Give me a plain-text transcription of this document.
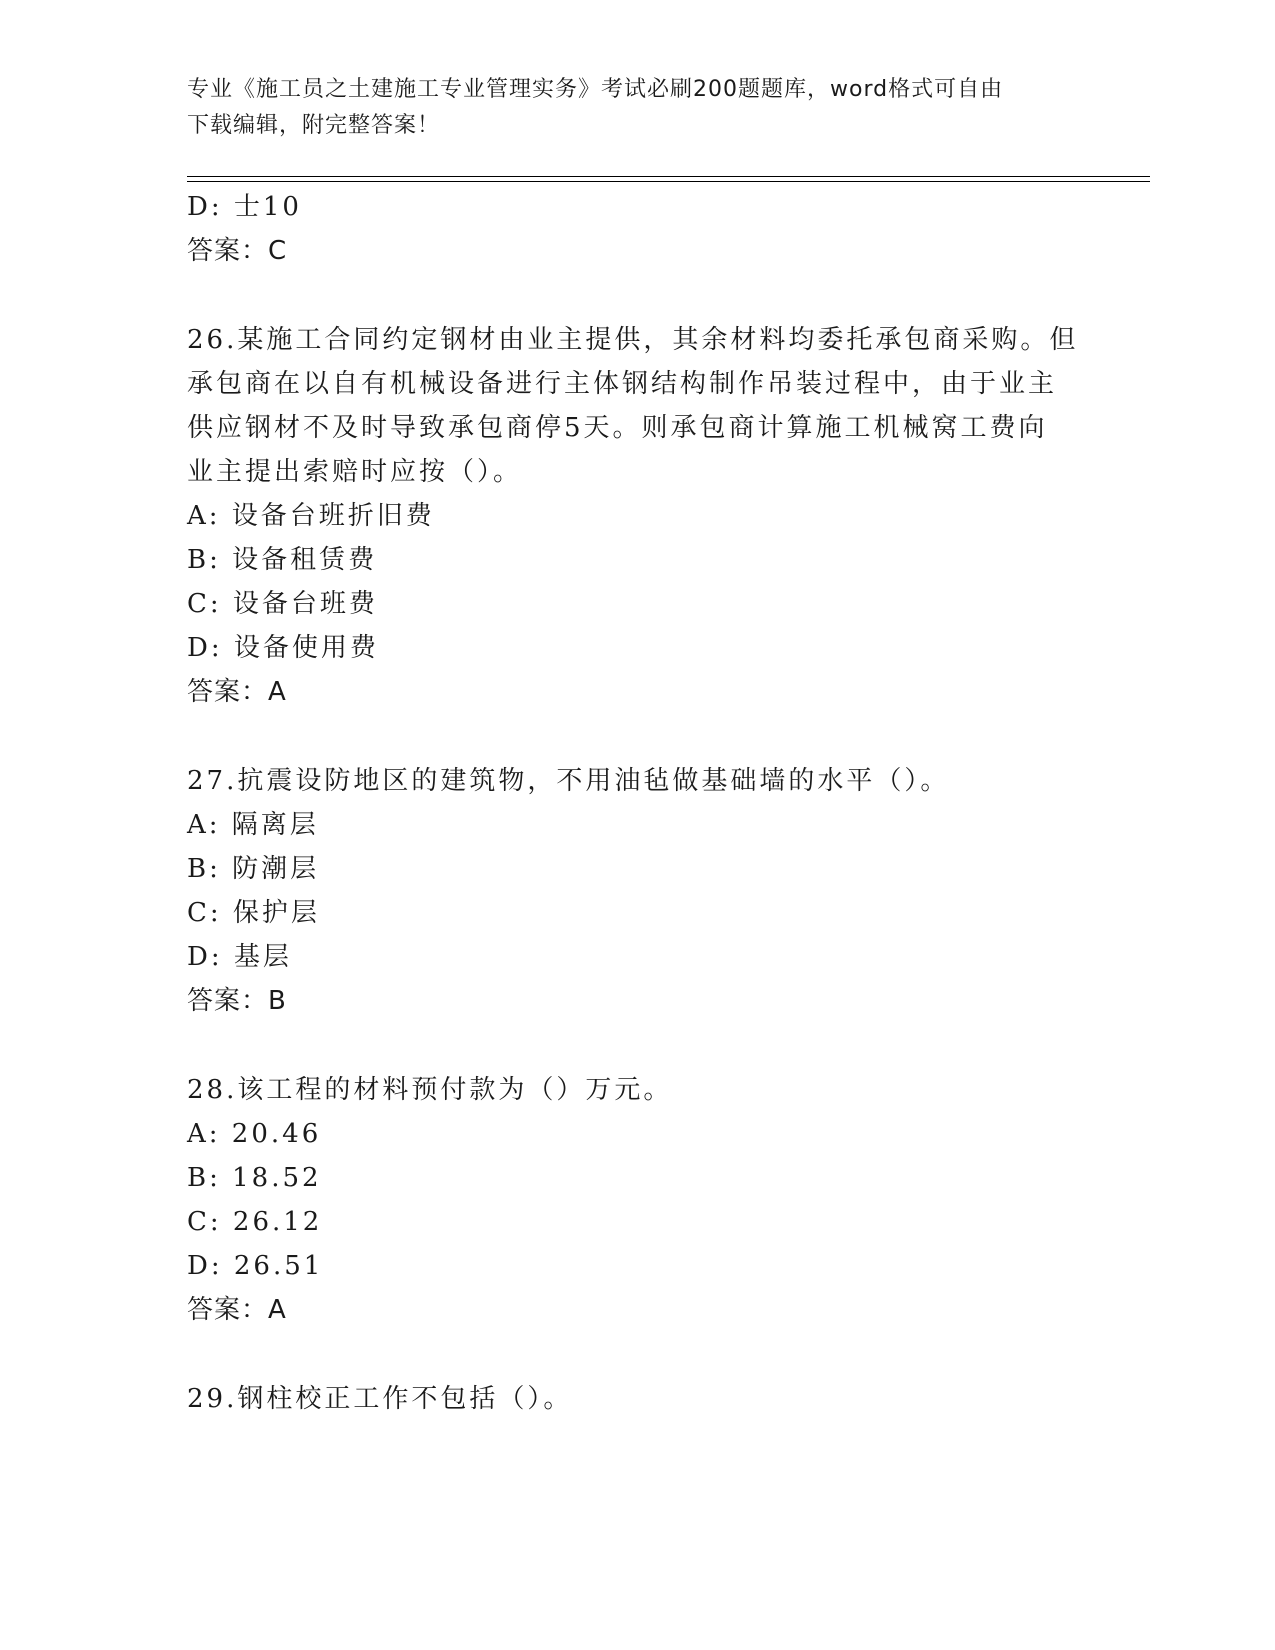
专业《施工员之土建施工专业管理实务》考试必刷200题题库，word格式可自由
下载编辑，附完整答案！
D: 士10
答案：C
26.某施工合同约定钢材由业主提供，其余材料均委托承包商采购。但
承包商在以自有机械设备进行主体钢结构制作吊装过程中，由于业主
供应钢材不及时导致承包商停5天。则承包商计算施工机械窝工费向
业主提出索赔时应按（）。
A: 设备台班折旧费
B: 设备租赁费
C: 设备台班费
D: 设备使用费
答案：A
27.抗震设防地区的建筑物，不用油毡做基础墙的水平（）。
A: 隔离层
B: 防潮层
C: 保护层
D: 基层
答案：B
28.该工程的材料预付款为（）万元。
A: 20.46
B: 18.52
C: 26.12
D: 26.51
答案：A
29.钢柱校正工作不包括（）。
